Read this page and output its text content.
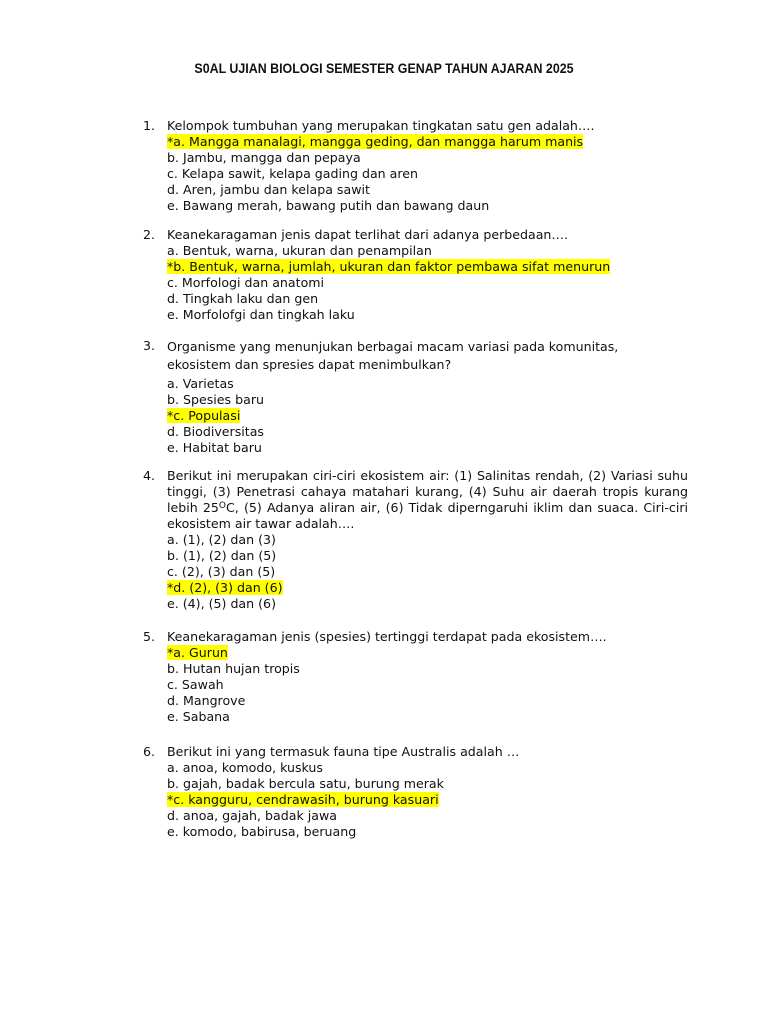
S0AL UJIAN BIOLOGI SEMESTER GENAP TAHUN AJARAN 2025
1. Kelompok tumbuhan yang merupakan tingkatan satu gen adalah….
*a. Mangga manalagi, mangga geding, dan mangga harum manis
b. Jambu, mangga dan pepaya
c. Kelapa sawit, kelapa gading dan aren
d. Aren, jambu dan kelapa sawit
e. Bawang merah, bawang putih dan bawang daun
2. Keanekaragaman jenis dapat terlihat dari adanya perbedaan….
a. Bentuk, warna, ukuran dan penampilan
*b. Bentuk, warna, jumlah, ukuran dan faktor pembawa sifat menurun
c. Morfologi dan anatomi
d. Tingkah laku dan gen
e. Morfolofgi dan tingkah laku
3. Organisme yang menunjukan berbagai macam variasi pada komunitas, ekosistem dan spresies dapat menimbulkan?
a. Varietas
b. Spesies baru
*c. Populasi
d. Biodiversitas
e. Habitat baru
4. Berikut ini merupakan ciri-ciri ekosistem air: (1) Salinitas rendah, (2) Variasi suhu tinggi, (3) Penetrasi cahaya matahari kurang, (4) Suhu air daerah tropis kurang lebih $25^OC$, (5) Adanya aliran air, (6) Tidak diperngaruhi iklim dan suaca. Ciri-ciri ekosistem air tawar adalah….
a. (1), (2) dan (3)
b. (1), (2) dan (5)
c. (2), (3) dan (5)
*d. (2), (3) dan (6)
e. (4), (5) dan (6)
5. Keanekaragaman jenis (spesies) tertinggi terdapat pada ekosistem….
*a. Gurun
b. Hutan hujan tropis
c. Sawah
d. Mangrove
e. Sabana
6. Berikut ini yang termasuk fauna tipe Australis adalah …
a. anoa, komodo, kuskus
b. gajah, badak bercula satu, burung merak
*c. kangguru, cendrawasih, burung kasuari
d. anoa, gajah, badak jawa
e. komodo, babirusa, beruang
